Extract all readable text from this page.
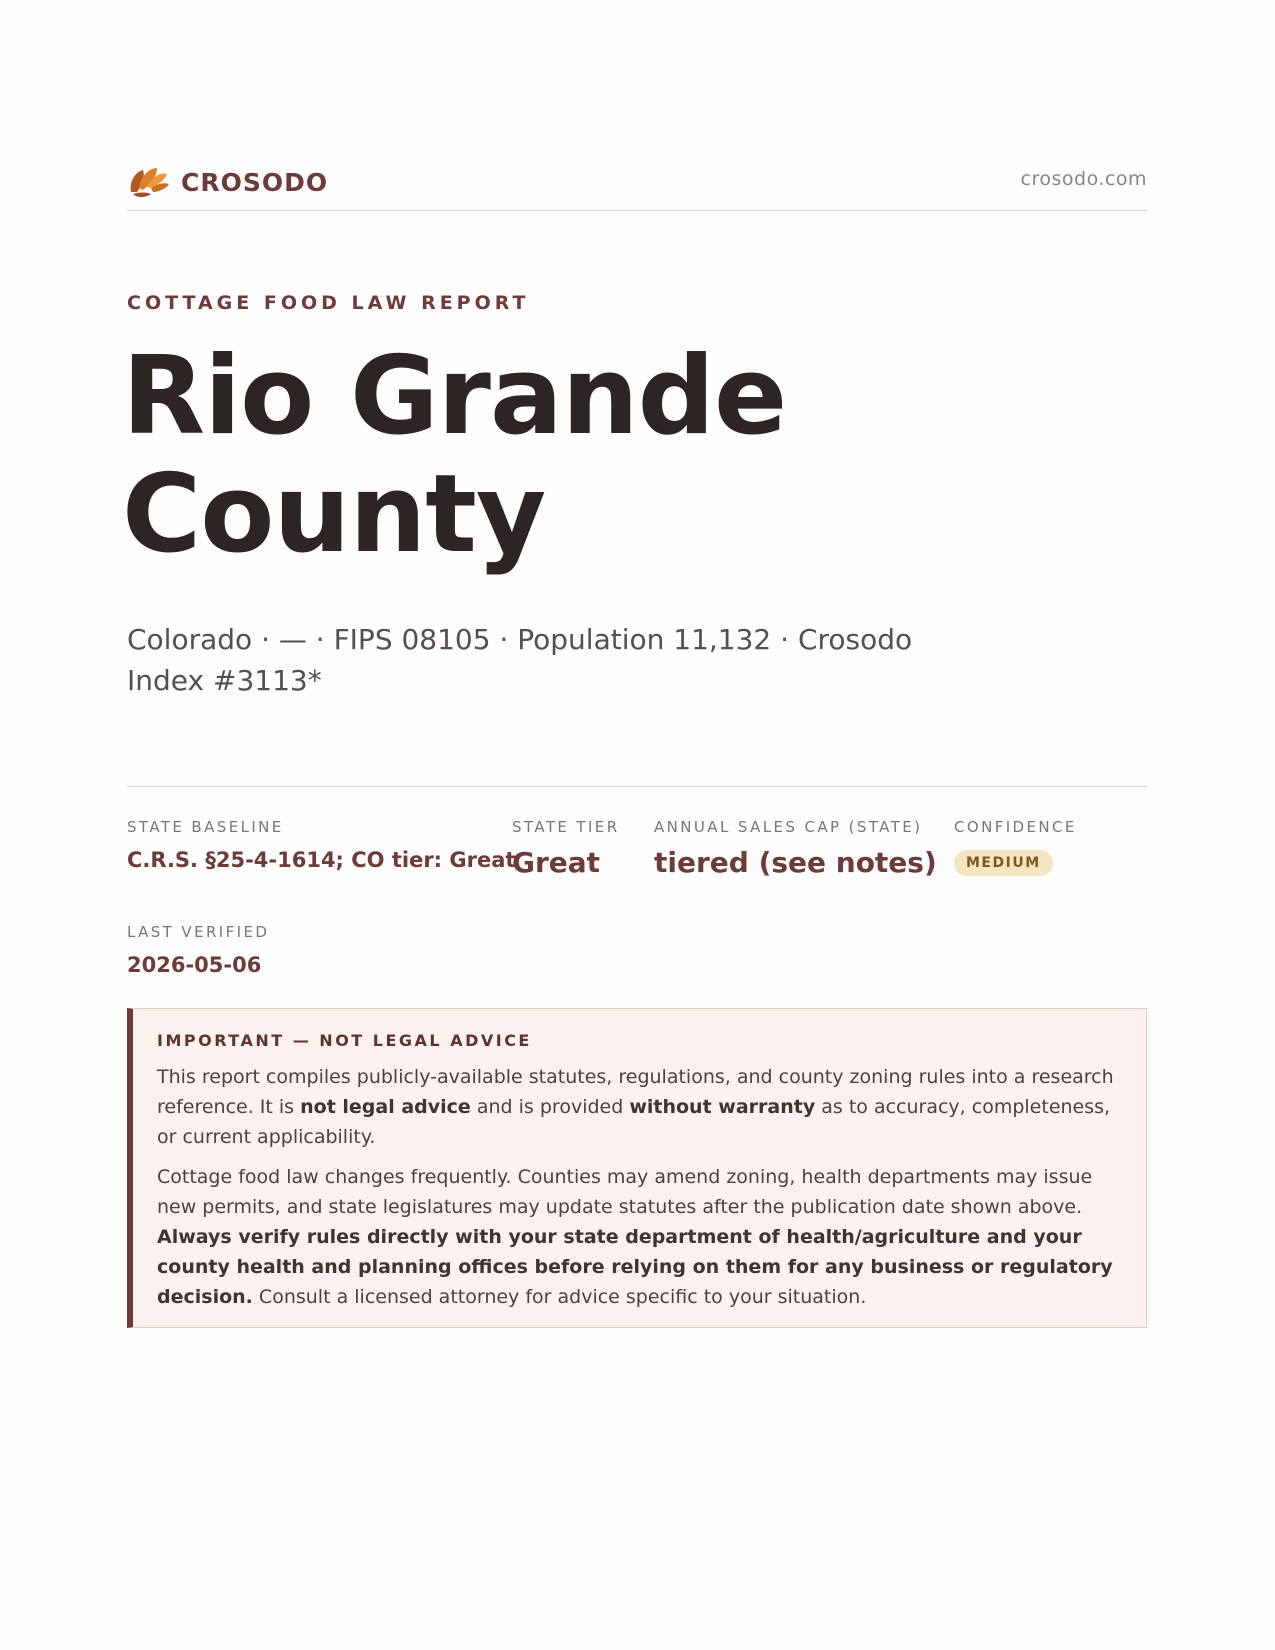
CROSODO	crosodo.com
COTTAGE FOOD LAW REPORT
Rio Grande County
Colorado · — · FIPS 08105 · Population 11,132 · Crosodo Index #3113*
STATE BASELINE
C.R.S. §25-4-1614; CO tier: Great
STATE TIER
Great
ANNUAL SALES CAP (STATE)
tiered (see notes)
CONFIDENCE
MEDIUM
LAST VERIFIED
2026-05-06
IMPORTANT — NOT LEGAL ADVICE

This report compiles publicly-available statutes, regulations, and county zoning rules into a research reference. It is not legal advice and is provided without warranty as to accuracy, completeness, or current applicability.

Cottage food law changes frequently. Counties may amend zoning, health departments may issue new permits, and state legislatures may update statutes after the publication date shown above. Always verify rules directly with your state department of health/agriculture and your county health and planning offices before relying on them for any business or regulatory decision. Consult a licensed attorney for advice specific to your situation.
